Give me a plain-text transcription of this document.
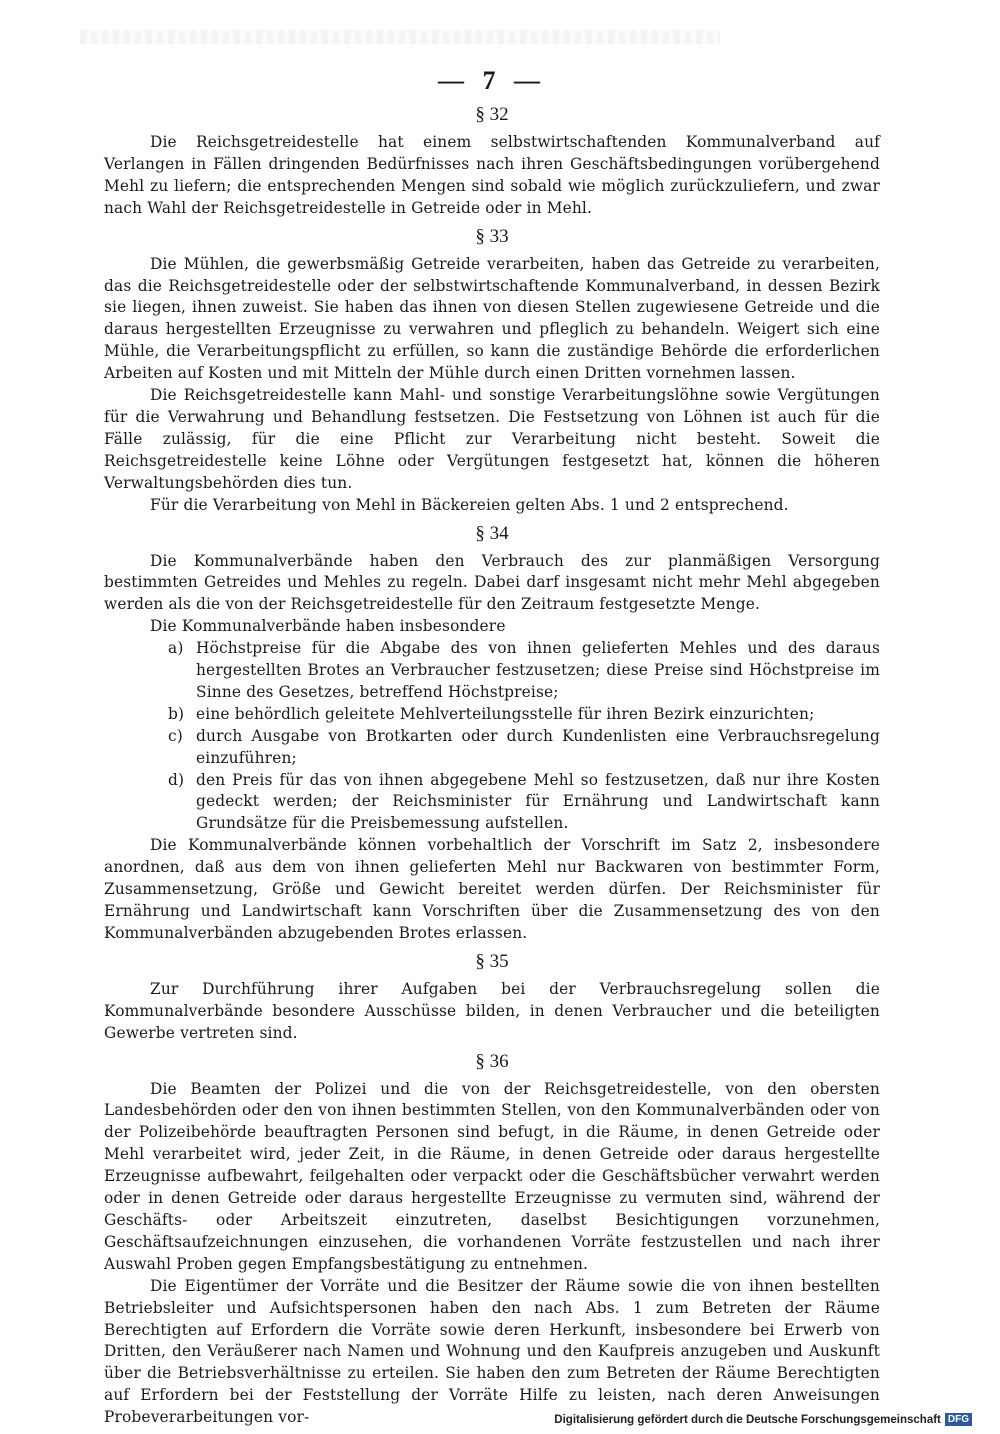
— 7 —
§ 32

Die Reichsgetreidestelle hat einem selbstwirtschaftenden Kommunalverband auf Verlangen in Fällen dringenden Bedürfnisses nach ihren Geschäftsbedingungen vorübergehend Mehl zu liefern; die entsprechenden Mengen sind sobald wie möglich zurückzuliefern, und zwar nach Wahl der Reichsgetreidestelle in Getreide oder in Mehl.

§ 33

Die Mühlen, die gewerbsmäßig Getreide verarbeiten, haben das Getreide zu verarbeiten, das die Reichsgetreidestelle oder der selbstwirtschaftende Kommunalverband, in dessen Bezirk sie liegen, ihnen zuweist. Sie haben das ihnen von diesen Stellen zugewiesene Getreide und die daraus hergestellten Erzeugnisse zu verwahren und pfleglich zu behandeln. Weigert sich eine Mühle, die Verarbeitungspflicht zu erfüllen, so kann die zuständige Behörde die erforderlichen Arbeiten auf Kosten und mit Mitteln der Mühle durch einen Dritten vornehmen lassen.

Die Reichsgetreidestelle kann Mahl- und sonstige Verarbeitungslöhne sowie Vergütungen für die Verwahrung und Behandlung festsetzen. Die Festsetzung von Löhnen ist auch für die Fälle zulässig, für die eine Pflicht zur Verarbeitung nicht besteht. Soweit die Reichsgetreidestelle keine Löhne oder Vergütungen festgesetzt hat, können die höheren Verwaltungsbehörden dies tun.

Für die Verarbeitung von Mehl in Bäckereien gelten Abs. 1 und 2 entsprechend.

§ 34

Die Kommunalverbände haben den Verbrauch des zur planmäßigen Versorgung bestimmten Getreides und Mehles zu regeln. Dabei darf insgesamt nicht mehr Mehl abgegeben werden als die von der Reichsgetreidestelle für den Zeitraum festgesetzte Menge.

Die Kommunalverbände haben insbesondere

a) Höchstpreise für die Abgabe des von ihnen gelieferten Mehles und des daraus hergestellten Brotes an Verbraucher festzusetzen; diese Preise sind Höchstpreise im Sinne des Gesetzes, betreffend Höchstpreise;
b) eine behördlich geleitete Mehlverteilungsstelle für ihren Bezirk einzurichten;
c) durch Ausgabe von Brotkarten oder durch Kundenlisten eine Verbrauchsregelung einzuführen;
d) den Preis für das von ihnen abgegebene Mehl so festzusetzen, daß nur ihre Kosten gedeckt werden; der Reichsminister für Ernährung und Landwirtschaft kann Grundsätze für die Preisbemessung aufstellen.

Die Kommunalverbände können vorbehaltlich der Vorschrift im Satz 2, insbesondere anordnen, daß aus dem von ihnen gelieferten Mehl nur Backwaren von bestimmter Form, Zusammensetzung, Größe und Gewicht bereitet werden dürfen. Der Reichsminister für Ernährung und Landwirtschaft kann Vorschriften über die Zusammensetzung des von den Kommunalverbänden abzugebenden Brotes erlassen.

§ 35

Zur Durchführung ihrer Aufgaben bei der Verbrauchsregelung sollen die Kommunalverbände besondere Ausschüsse bilden, in denen Verbraucher und die beteiligten Gewerbe vertreten sind.

§ 36

Die Beamten der Polizei und die von der Reichsgetreidestelle, von den obersten Landesbehörden oder den von ihnen bestimmten Stellen, von den Kommunalverbänden oder von der Polizeibehörde beauftragten Personen sind befugt, in die Räume, in denen Getreide oder Mehl verarbeitet wird, jeder Zeit, in die Räume, in denen Getreide oder daraus hergestellte Erzeugnisse aufbewahrt, feilgehalten oder verpackt oder die Geschäftsbücher verwahrt werden oder in denen Getreide oder daraus hergestellte Erzeugnisse zu vermuten sind, während der Geschäfts- oder Arbeitszeit einzutreten, daselbst Besichtigungen vorzunehmen, Geschäftsaufzeichnungen einzusehen, die vorhandenen Vorräte festzustellen und nach ihrer Auswahl Proben gegen Empfangsbestätigung zu entnehmen.

Die Eigentümer der Vorräte und die Besitzer der Räume sowie die von ihnen bestellten Betriebsleiter und Aufsichtspersonen haben den nach Abs. 1 zum Betreten der Räume Berechtigten auf Erfordern die Vorräte sowie deren Herkunft, insbesondere bei Erwerb von Dritten, den Veräußerer nach Namen und Wohnung und den Kaufpreis anzugeben und Auskunft über die Betriebsverhältnisse zu erteilen. Sie haben den zum Betreten der Räume Berechtigten auf Erfordern bei der Feststellung der Vorräte Hilfe zu leisten, nach deren Anweisungen Probeverarbeitungen vor-	Digitalisierung gefördert durch die Deutsche Forschungsgemeinschaft DFG
